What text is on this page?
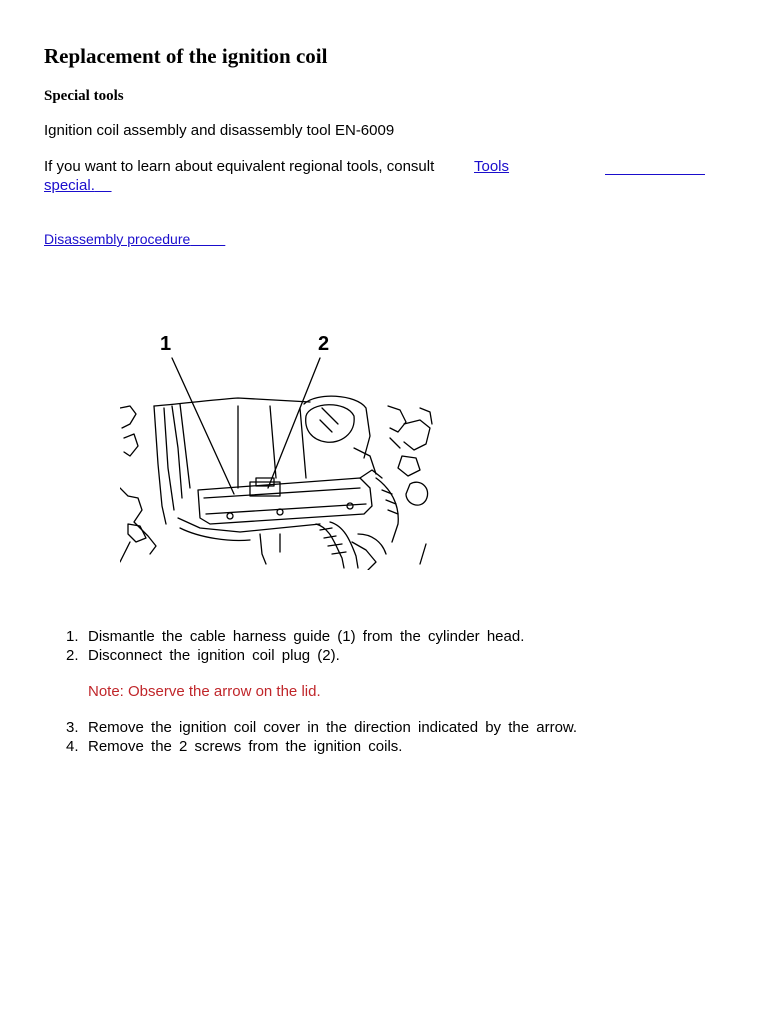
Replacement of the ignition coil
Special tools

Ignition coil assembly and disassembly tool EN-6009

If you want to learn about equivalent regional tools, consult	Tools
special.
Disassembly procedure
1	2
1. Dismantle the cable harness guide (1) from the cylinder head.
2. Disconnect the ignition coil plug (2).

Note: Observe the arrow on the lid.

3. Remove the ignition coil cover in the direction indicated by the arrow.
4. Remove the 2 screws from the ignition coils.
